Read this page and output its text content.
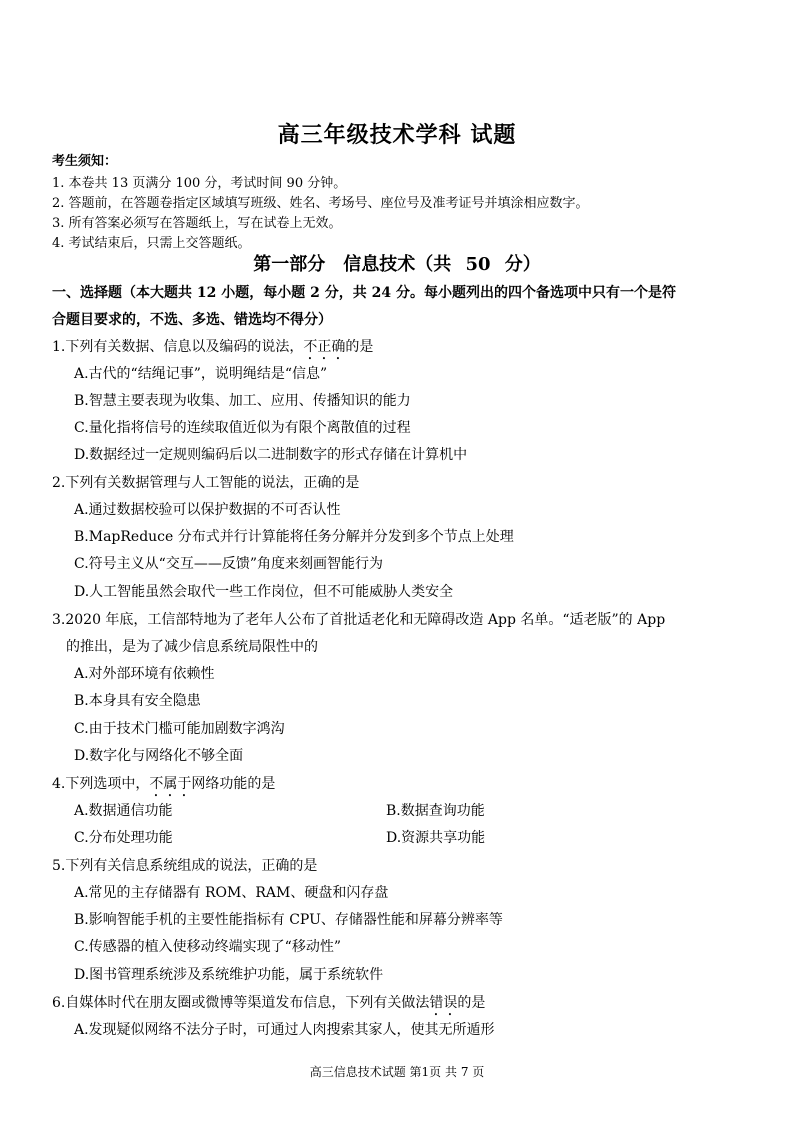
高三年级技术学科 试题
考生须知：
1. 本卷共 13 页满分 100 分，考试时间 90 分钟。
2. 答题前，在答题卷指定区域填写班级、姓名、考场号、座位号及准考证号并填涂相应数字。
3. 所有答案必须写在答题纸上，写在试卷上无效。
4. 考试结束后，只需上交答题纸。
第一部分　信息技术（共 50 分）
一、选择题（本大题共 12 小题，每小题 2 分，共 24 分。每小题列出的四个备选项中只有一个是符
合题目要求的，不选、多选、错选均不得分）
1.下列有关数据、信息以及编码的说法，不正确的是
A.古代的“结绳记事”，说明绳结是“信息”
B.智慧主要表现为收集、加工、应用、传播知识的能力
C.量化指将信号的连续取值近似为有限个离散值的过程
D.数据经过一定规则编码后以二进制数字的形式存储在计算机中
2.下列有关数据管理与人工智能的说法，正确的是
A.通过数据校验可以保护数据的不可否认性
B.MapReduce 分布式并行计算能将任务分解并分发到多个节点上处理
C.符号主义从“交互——反馈”角度来刻画智能行为
D.人工智能虽然会取代一些工作岗位，但不可能威胁人类安全
3.2020 年底，工信部特地为了老年人公布了首批适老化和无障碍改造 App 名单。“适老版”的 App
的推出，是为了减少信息系统局限性中的
A.对外部环境有依赖性
B.本身具有安全隐患
C.由于技术门槛可能加剧数字鸿沟
D.数字化与网络化不够全面
4.下列选项中，不属于网络功能的是
A.数据通信功能	B.数据查询功能
C.分布处理功能	D.资源共享功能
5.下列有关信息系统组成的说法，正确的是
A.常见的主存储器有 ROM、RAM、硬盘和闪存盘
B.影响智能手机的主要性能指标有 CPU、存储器性能和屏幕分辨率等
C.传感器的植入使移动终端实现了“移动性”
D.图书管理系统涉及系统维护功能，属于系统软件
6.自媒体时代在朋友圈或微博等渠道发布信息，下列有关做法错误的是
A.发现疑似网络不法分子时，可通过人肉搜索其家人，使其无所遁形
高三信息技术试题 第1页 共 7 页
